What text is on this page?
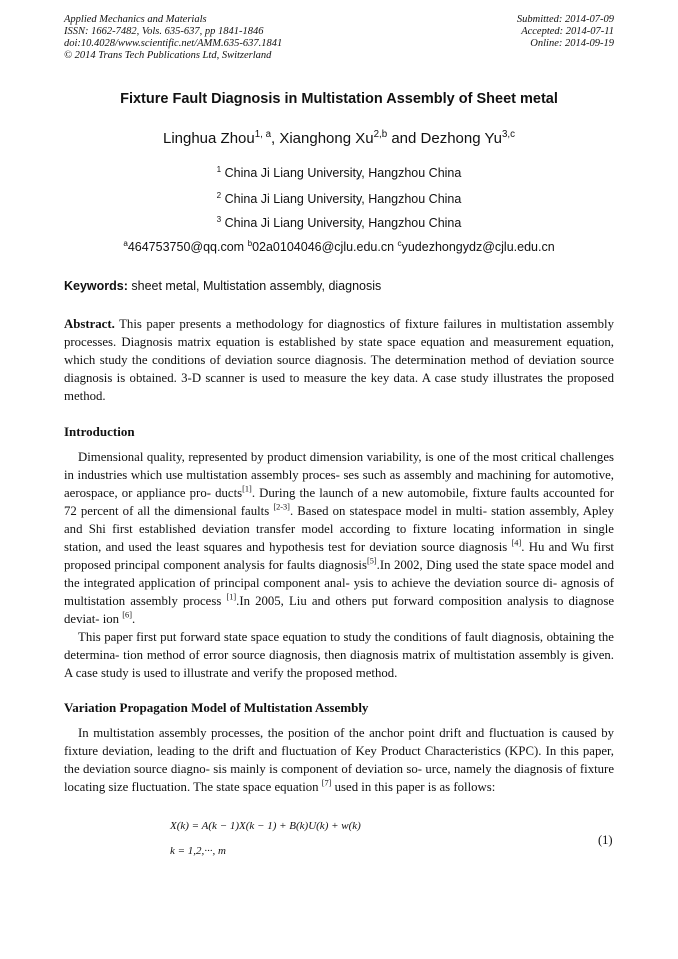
Applied Mechanics and Materials
ISSN: 1662-7482, Vols. 635-637, pp 1841-1846
doi:10.4028/www.scientific.net/AMM.635-637.1841
© 2014 Trans Tech Publications Ltd, Switzerland
Submitted: 2014-07-09
Accepted: 2014-07-11
Online: 2014-09-19
Fixture Fault Diagnosis in Multistation Assembly of Sheet metal
Linghua Zhou$^{1, a}$, Xianghong Xu$^{2,b}$ and Dezhong Yu$^{3,c}$
$^1$ China Ji Liang University, Hangzhou China
$^2$ China Ji Liang University, Hangzhou China
$^3$ China Ji Liang University, Hangzhou China
$^a$464753750@qq.com $^b$02a0104046@cjlu.edu.cn $^c$yudezhongydz@cjlu.edu.cn
Keywords: sheet metal, Multistation assembly, diagnosis

Abstract. This paper presents a methodology for diagnostics of fixture failures in multistation assembly processes. Diagnosis matrix equation is established by state space equation and measurement equation, which study the conditions of deviation source diagnosis. The determination method of deviation source diagnosis is obtained. 3-D scanner is used to measure the key data. A case study illustrates the proposed method.

Introduction

Dimensional quality, represented by product dimension variability, is one of the most critical challenges in industries which use multistation assembly proces- ses such as assembly and machining for automotive, aerospace, or appliance pro- ducts[1]. During the launch of a new automobile, fixture faults accounted for 72 percent of all the dimensional faults [2-3]. Based on statespace model in multi- station assembly, Apley and Shi first established deviation transfer model according to fixture locating information in single station, and used the least squares and hypothesis test for deviation source diagnosis [4]. Hu and Wu first proposed principal component analysis for faults diagnosis[5].In 2002, Ding used the state space model and the integrated application of principal component anal- ysis to achieve the deviation source di- agnosis of multistation assembly process [1].In 2005, Liu and others put forward composition analysis to diagnose deviat- ion [6].

This paper first put forward state space equation to study the conditions of fault diagnosis, obtaining the determina- tion method of error source diagnosis, then diagnosis matrix of multistation assembly is given. A case study is used to illustrate and verify the proposed method.

Variation Propagation Model of Multistation Assembly

In multistation assembly processes, the position of the anchor point drift and fluctuation is caused by fixture deviation, leading to the drift and fluctuation of Key Product Characteristics (KPC). In this paper, the deviation source diagno- sis mainly is component of deviation so- urce, namely the diagnosis of fixture locating size fluctuation. The state space equation [7] used in this paper is as follows:

X(k) = A(k − 1)X(k − 1) + B(k)U(k) + w(k)
k = 1,2,···, m
(1)
